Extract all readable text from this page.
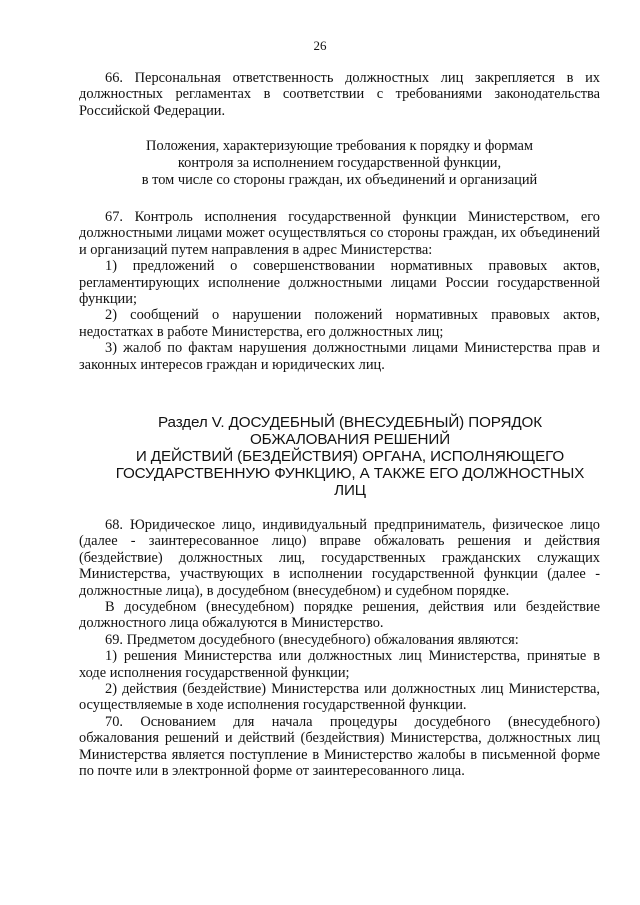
26

66. Персональная ответственность должностных лиц закрепляется в их должностных регламентах в соответствии с требованиями законодательства Российской Федерации.

Положения, характеризующие требования к порядку и формам
контроля за исполнением государственной функции,
в том числе со стороны граждан, их объединений и организаций

67. Контроль исполнения государственной функции Министерством, его должностными лицами может осуществляться со стороны граждан, их объединений и организаций путем направления в адрес Министерства:

1) предложений о совершенствовании нормативных правовых актов, регламентирующих исполнение должностными лицами России государственной функции;

2) сообщений о нарушении положений нормативных правовых актов, недостатках в работе Министерства, его должностных лиц;

3) жалоб по фактам нарушения должностными лицами Министерства прав и законных интересов граждан и юридических лиц.

Раздел V. ДОСУДЕБНЫЙ (ВНЕСУДЕБНЫЙ) ПОРЯДОК
ОБЖАЛОВАНИЯ РЕШЕНИЙ
И ДЕЙСТВИЙ (БЕЗДЕЙСТВИЯ) ОРГАНА, ИСПОЛНЯЮЩЕГО
ГОСУДАРСТВЕННУЮ ФУНКЦИЮ, А ТАКЖЕ ЕГО ДОЛЖНОСТНЫХ
ЛИЦ

68. Юридическое лицо, индивидуальный предприниматель, физическое лицо (далее - заинтересованное лицо) вправе обжаловать решения и действия (бездействие) должностных лиц, государственных гражданских служащих Министерства, участвующих в исполнении государственной функции (далее - должностные лица), в досудебном (внесудебном) и судебном порядке.

В досудебном (внесудебном) порядке решения, действия или бездействие должностного лица обжалуются в Министерство.

69. Предметом досудебного (внесудебного) обжалования являются:

1) решения Министерства или должностных лиц Министерства, принятые в ходе исполнения государственной функции;

2) действия (бездействие) Министерства или должностных лиц Министерства, осуществляемые в ходе исполнения государственной функции.

70. Основанием для начала процедуры досудебного (внесудебного) обжалования решений и действий (бездействия) Министерства, должностных лиц Министерства является поступление в Министерство жалобы в письменной форме по почте или в электронной форме от заинтересованного лица.
